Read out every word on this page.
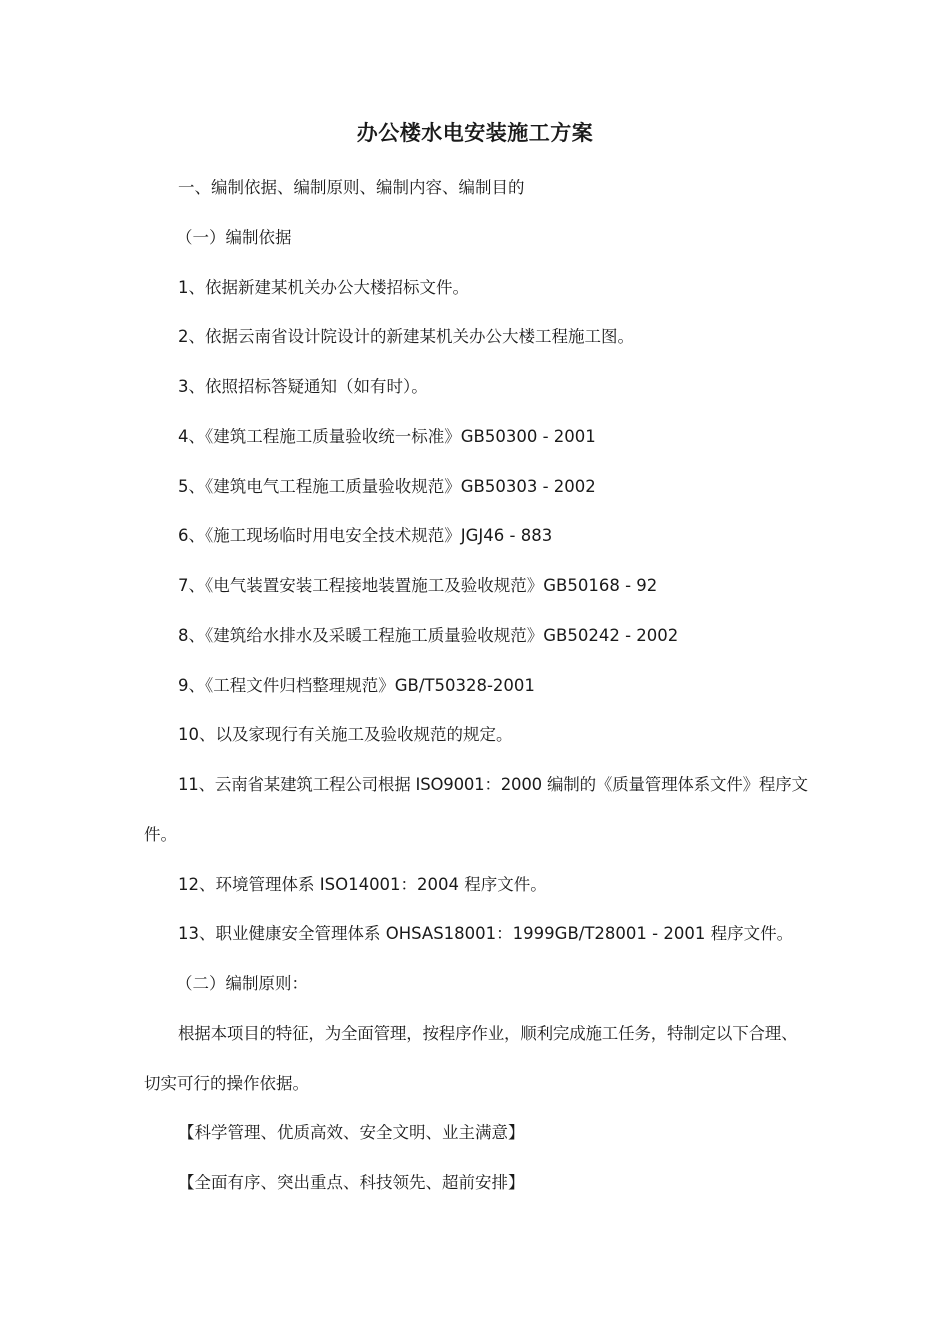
办公楼水电安装施工方案
一、编制依据、编制原则、编制内容、编制目的
（一）编制依据
1、依据新建某机关办公大楼招标文件。
2、依据云南省设计院设计的新建某机关办公大楼工程施工图。
3、依照招标答疑通知（如有时）。
4、《建筑工程施工质量验收统一标准》GB50300 - 2001
5、《建筑电气工程施工质量验收规范》GB50303 - 2002
6、《施工现场临时用电安全技术规范》JGJ46 - 883
7、《电气装置安装工程接地装置施工及验收规范》GB50168 - 92
8、《建筑给水排水及采暖工程施工质量验收规范》GB50242 - 2002
9、《工程文件归档整理规范》GB/T50328-2001
10、以及家现行有关施工及验收规范的规定。
11、云南省某建筑工程公司根据 ISO9001：2000 编制的《质量管理体系文件》程序文
件。
12、环境管理体系 ISO14001：2004 程序文件。
13、职业健康安全管理体系 OHSAS18001：1999GB/T28001 - 2001 程序文件。
（二）编制原则：
根据本项目的特征，为全面管理，按程序作业，顺利完成施工任务，特制定以下合理、
切实可行的操作依据。
【科学管理、优质高效、安全文明、业主满意】
【全面有序、突出重点、科技领先、超前安排】
